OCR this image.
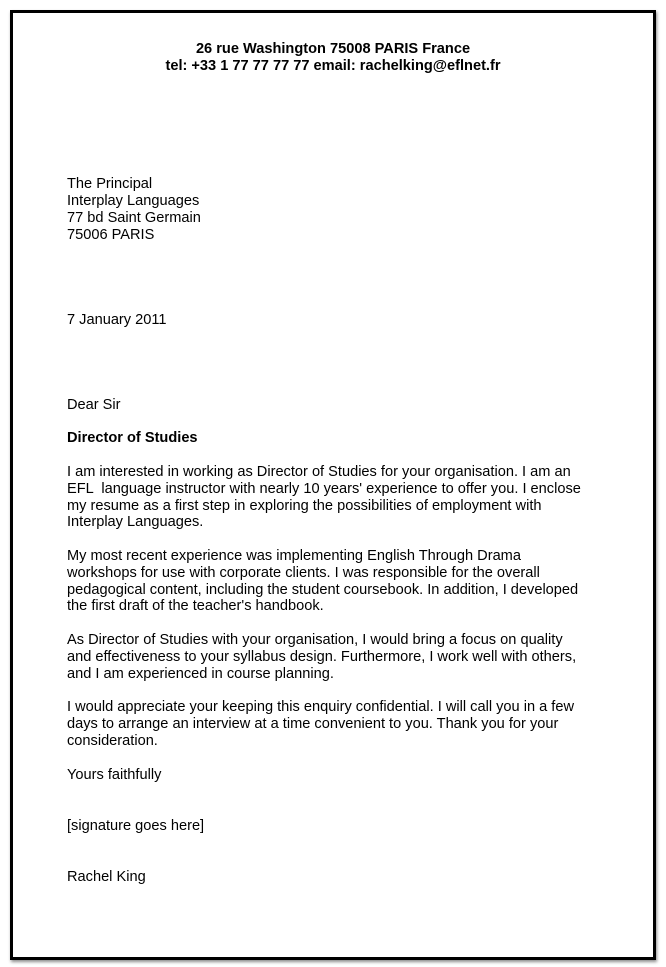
26 rue Washington 75008 PARIS France
tel: +33 1 77 77 77 77 email: rachelking@eflnet.fr
The Principal
Interplay Languages
77 bd Saint Germain
75006 PARIS
7 January 2011
Dear Sir
Director of Studies
I am interested in working as Director of Studies for your organisation. I am an
EFL  language instructor with nearly 10 years' experience to offer you. I enclose
my resume as a first step in exploring the possibilities of employment with
Interplay Languages.
My most recent experience was implementing English Through Drama
workshops for use with corporate clients. I was responsible for the overall
pedagogical content, including the student coursebook. In addition, I developed
the first draft of the teacher's handbook.
As Director of Studies with your organisation, I would bring a focus on quality
and effectiveness to your syllabus design. Furthermore, I work well with others,
and I am experienced in course planning.
I would appreciate your keeping this enquiry confidential. I will call you in a few
days to arrange an interview at a time convenient to you. Thank you for your
consideration.
Yours faithfully
[signature goes here]
Rachel King
